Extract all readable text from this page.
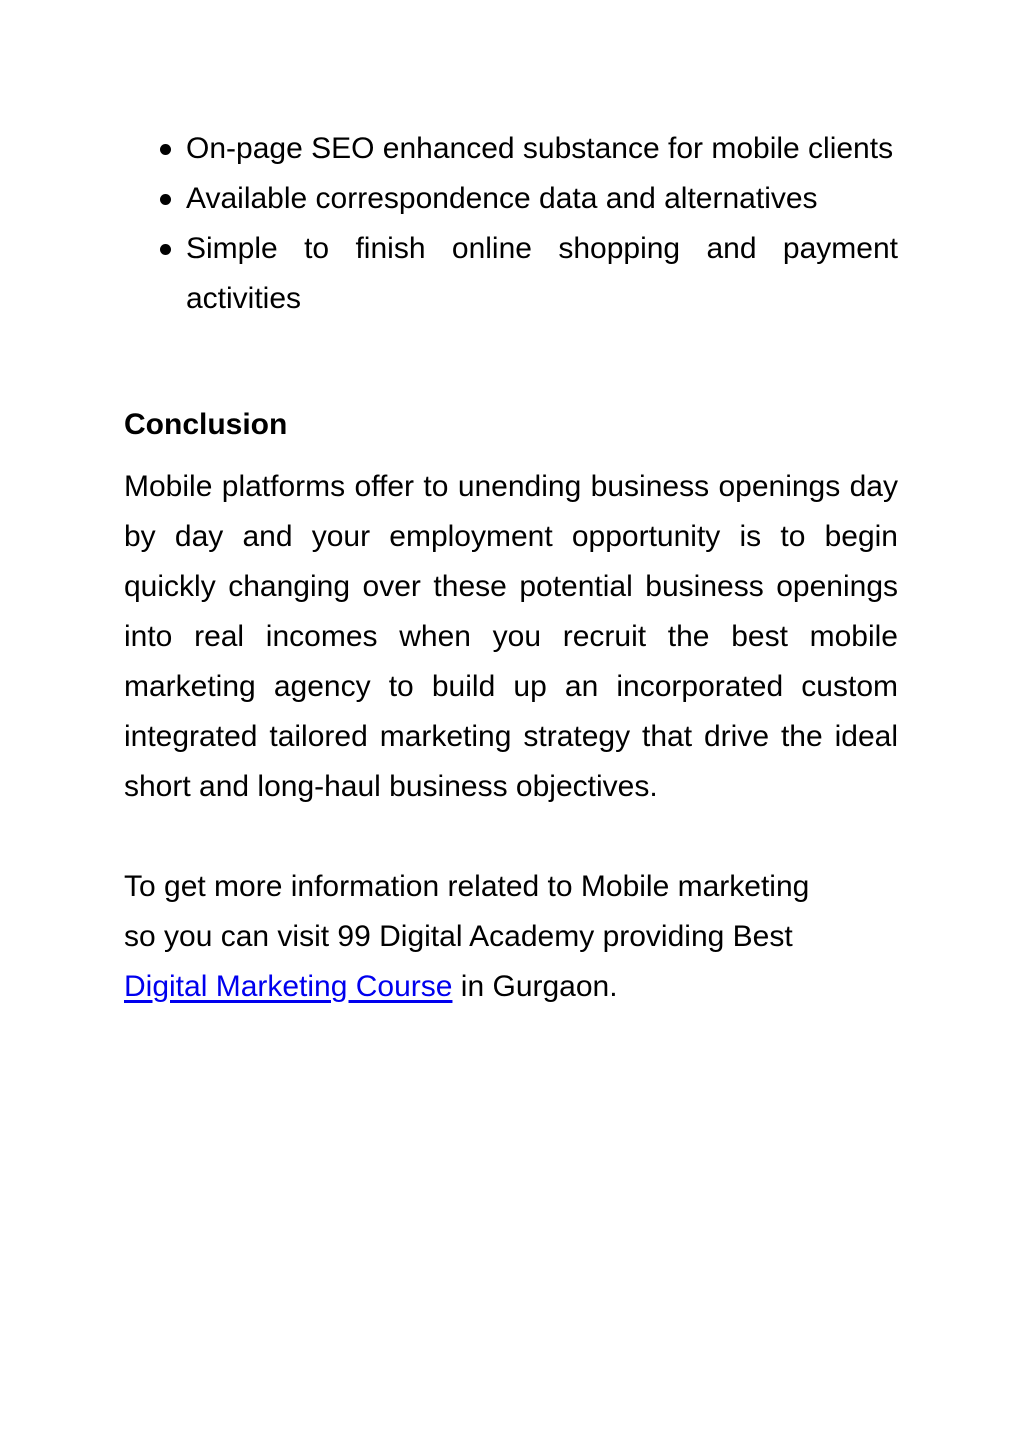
On-page SEO enhanced substance for mobile clients
Available correspondence data and alternatives
Simple to finish online shopping and payment activities
Conclusion

Mobile platforms offer to unending business openings day by day and your employment opportunity is to begin quickly changing over these potential business openings into real incomes when you recruit the best mobile marketing agency to build up an incorporated custom integrated tailored marketing strategy that drive the ideal short and long-haul business objectives.

To get more information related to Mobile marketing so you can visit 99 Digital Academy providing Best Digital Marketing Course in Gurgaon.
